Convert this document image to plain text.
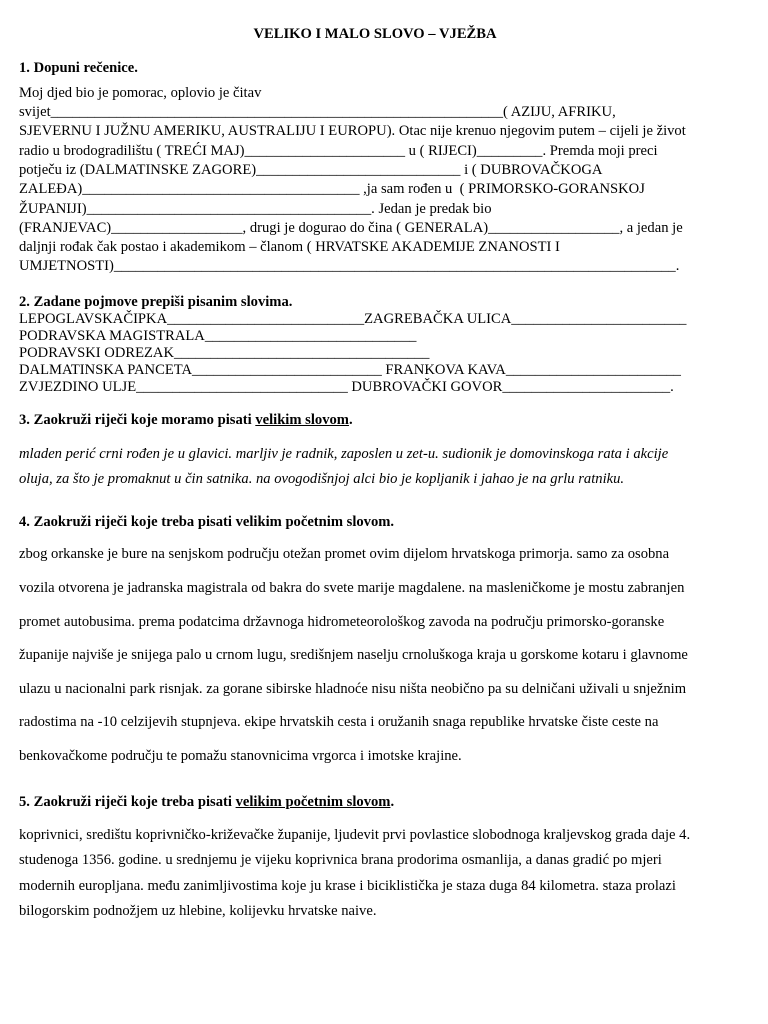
VELIKO I MALO SLOVO – VJEŽBA
1. Dopuni rečenice.
Moj djed bio je pomorac, oplovio je čitav
svijet______________________________________________________________( AZIJU, AFRIKU,
SJEVERNU I JUŽNU AMERIKU, AUSTRALIJU I EUROPU). Otac nije krenuo njegovim putem – cijeli je život
radio u brodogradilištu ( TREĆI MAJ)______________________ u ( RIJECI)_________. Premda moji preci
potječu iz (DALMATINSKE ZAGORE)____________________________ i ( DUBROVAČKOGA
ZALEĐA)______________________________________ ,ja sam rođen u  ( PRIMORSKO-GORANSKOJ
ŽUPANIJI)_______________________________________. Jedan je predak bio
(FRANJEVAC)__________________, drugi je dogurao do čina ( GENERALA)__________________, a jedan je
daljnji rođak čak postao i akademikom – članom ( HRVATSKE AKADEMIJE ZNANOSTI I
UMJETNOSTI)_____________________________________________________________________________.
2. Zadane pojmove prepiši pisanim slovima.
LEPOGLAVSKAČIPKA___________________________ZAGREBAČKA ULICA________________________
PODRAVSKA MAGISTRALA_____________________________
PODRAVSKI ODREZAK___________________________________
DALMATINSKA PANCETA__________________________ FRANKOVA KAVA________________________
ZVJEZDINO ULJE_____________________________ DUBROVAČKI GOVOR_______________________.
3. Zaokruži riječi koje moramo pisati velikim slovom.
mladen perić crni rođen je u glavici. marljiv je radnik, zaposlen u zet-u. sudionik je domovinskoga rata i akcije
oluja, za što je promaknut u čin satnika. na ovogodišnjoj alci bio je kopljanik i jahao je na grlu ratniku.
4. Zaokruži riječi koje treba pisati velikim početnim slovom.
zbog orkanske je bure na senjskom području otežan promet ovim dijelom hrvatskoga primorja. samo za osobna
vozila otvorena je jadranska magistrala od bakra do svete marije magdalene. na masleničkome je mostu zabranjen
promet autobusima. prema podatcima državnoga hidrometeorološkog zavoda na području primorsko-goranske
županije najviše je snijega palo u crnom lugu, središnjem naselju crnolušкoga kraja u gorskome kotaru i glavnome
ulazu u nacionalni park risnjak. za gorane sibirske hladnoće nisu ništa neobično pa su delničani uživali u snježnim
radostima na -10 celzijevih stupnjeva. ekipe hrvatskih cesta i oružanih snaga republike hrvatske čiste ceste na
benkovačkome području te pomažu stanovnicima vrgorca i imotske krajine.
5. Zaokruži riječi koje treba pisati velikim početnim slovom.
koprivnici, središtu koprivničko-križevačke županije, ljudevit prvi povlastice slobodnoga kraljevskog grada daje 4.
studenoga 1356. godine. u srednjemu je vijeku koprivnica brana prodorima osmanlija, a danas gradić po mjeri
modernih europljana. među zanimljivostima koje ju krase i biciklistička je staza duga 84 kilometra. staza prolazi
bilogorskim podnožjem uz hlebine, kolijevku hrvatske naive.
